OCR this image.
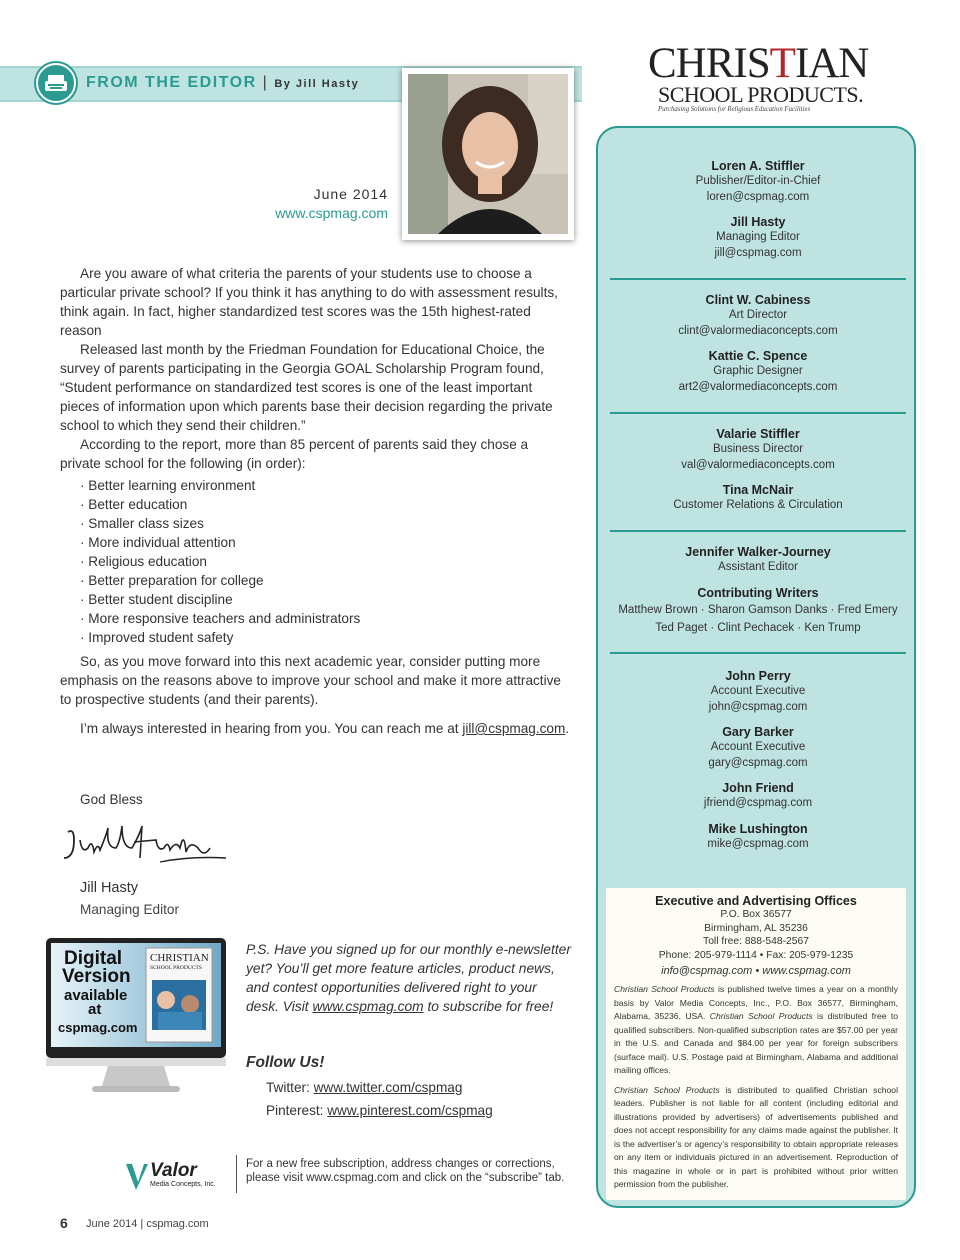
FROM THE EDITOR | By Jill Hasty
June 2014
www.cspmag.com

Are you aware of what criteria the parents of your students use to choose a particular private school? If you think it has anything to do with assessment results, think again. In fact, higher standardized test scores was the 15th highest-rated reason

Released last month by the Friedman Foundation for Educational Choice, the survey of parents participating in the Georgia GOAL Scholarship Program found, “Student performance on standardized test scores is one of the least important pieces of information upon which parents base their decision regarding the private school to which they send their children.”

According to the report, more than 85 percent of parents said they chose a private school for the following (in order):

· Better learning environment
· Better education
· Smaller class sizes
· More individual attention
· Religious education
· Better preparation for college
· Better student discipline
· More responsive teachers and administrators
· Improved student safety

So, as you move forward into this next academic year, consider putting more emphasis on the reasons above to improve your school and make it more attractive to prospective students (and their parents).

I’m always interested in hearing from you. You can reach me at jill@cspmag.com.

God Bless
Jill Hasty
Managing Editor
Digital
Version
available
at
cspmag.com
CHRISTIAN
SCHOOL PRODUCTS
P.S. Have you signed up for our monthly e-newsletter yet? You’ll get more feature articles, product news, and contest opportunities delivered right to your desk. Visit www.cspmag.com to subscribe for free!
Follow Us!
Twitter: www.twitter.com/cspmag
Pinterest: www.pinterest.com/cspmag
Valor
Media Concepts, Inc.
For a new free subscription, address changes or corrections, please visit www.cspmag.com and click on the “subscribe” tab.
6 June 2014 | cspmag.com
CHRISTIAN
SCHOOL PRODUCTS.
Purchasing Solutions for Religious Education Facilities
Loren A. Stiffler
Publisher/Editor-in-Chief
loren@cspmag.com
Jill Hasty
Managing Editor
jill@cspmag.com
Clint W. Cabiness
Art Director
clint@valormediaconcepts.com
Kattie C. Spence
Graphic Designer
art2@valormediaconcepts.com
Valarie Stiffler
Business Director
val@valormediaconcepts.com
Tina McNair
Customer Relations & Circulation
Jennifer Walker-Journey
Assistant Editor
Contributing Writers
Matthew Brown · Sharon Gamson Danks · Fred Emery
Ted Paget · Clint Pechacek · Ken Trump
John Perry
Account Executive
john@cspmag.com
Gary Barker
Account Executive
gary@cspmag.com
John Friend
jfriend@cspmag.com
Mike Lushington
mike@cspmag.com
Executive and Advertising Offices
P.O. Box 36577
Birmingham, AL 35236
Toll free: 888-548-2567
Phone: 205-979-1114 • Fax: 205-979-1235
info@cspmag.com • www.cspmag.com
Christian School Products is published twelve times a year on a monthly basis by Valor Media Concepts, Inc., P.O. Box 36577, Birmingham, Alabama, 35236, USA. Christian School Products is distributed free to qualified subscribers. Non-qualified subscription rates are $57.00 per year in the U.S. and Canada and $84.00 per year for foreign subscribers (surface mail). U.S. Postage paid at Birmingham, Alabama and additional mailing offices.
Christian School Products is distributed to qualified Christian school leaders. Publisher is not liable for all content (including editorial and illustrations provided by advertisers) of advertisements published and does not accept responsibility for any claims made against the publisher. It is the advertiser’s or agency’s responsibility to obtain appropriate releases on any item or individuals pictured in an advertisement. Reproduction of this magazine in whole or in part is prohibited without prior written permission from the publisher.
